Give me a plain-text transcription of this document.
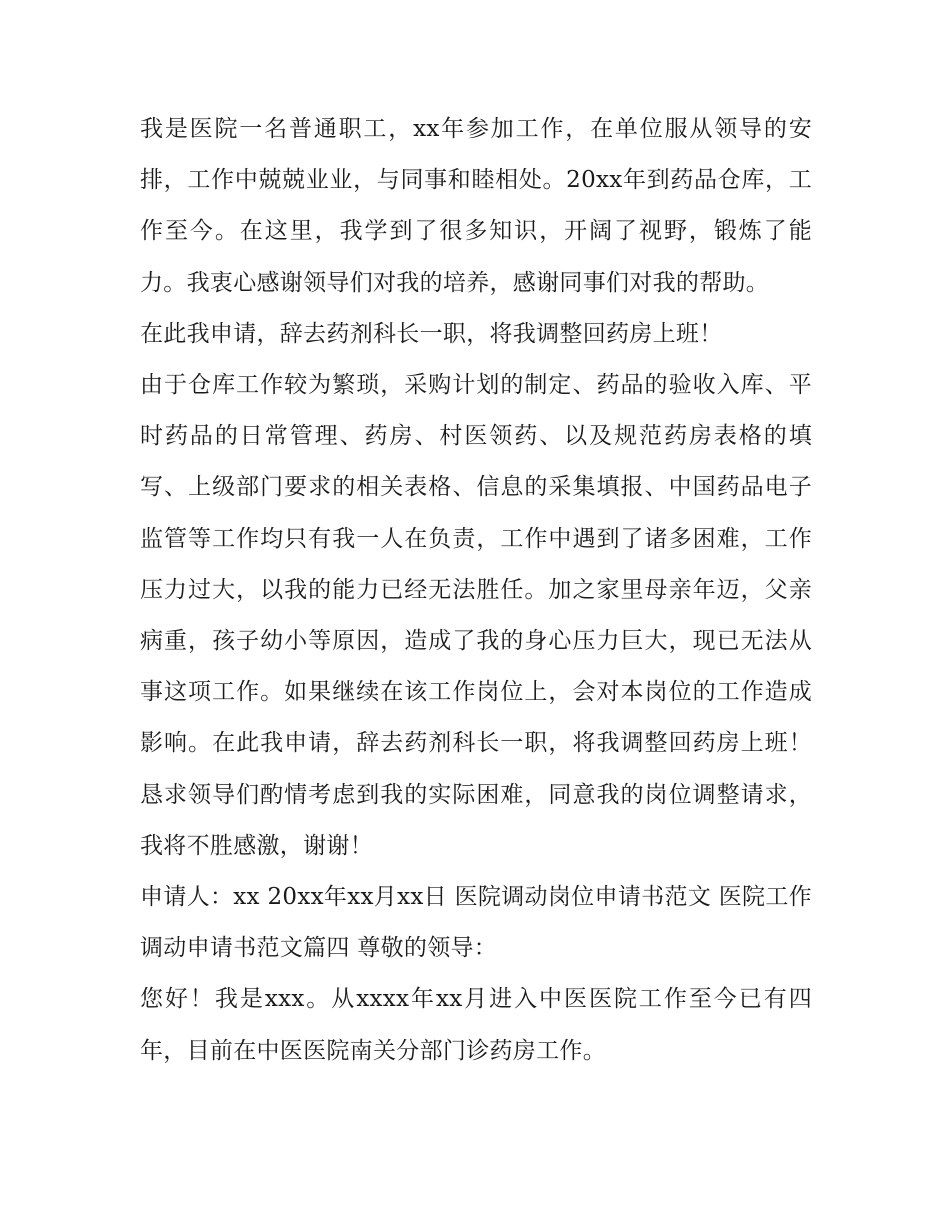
我是医院一名普通职工，xx年参加工作，在单位服从领导的安排，工作中兢兢业业，与同事和睦相处。20xx年到药品仓库，工作至今。在这里，我学到了很多知识，开阔了视野，锻炼了能力。我衷心感谢领导们对我的培养，感谢同事们对我的帮助。

在此我申请，辞去药剂科长一职，将我调整回药房上班！

由于仓库工作较为繁琐，采购计划的制定、药品的验收入库、平时药品的日常管理、药房、村医领药、以及规范药房表格的填写、上级部门要求的相关表格、信息的采集填报、中国药品电子监管等工作均只有我一人在负责，工作中遇到了诸多困难，工作压力过大，以我的能力已经无法胜任。加之家里母亲年迈，父亲病重，孩子幼小等原因，造成了我的身心压力巨大，现已无法从事这项工作。如果继续在该工作岗位上，会对本岗位的工作造成影响。在此我申请，辞去药剂科长一职，将我调整回药房上班！恳求领导们酌情考虑到我的实际困难，同意我的岗位调整请求，我将不胜感激，谢谢！

申请人：xx 20xx年xx月xx日 医院调动岗位申请书范文 医院工作调动申请书范文篇四 尊敬的领导：

您好！我是xxx。从xxxx年xx月进入中医医院工作至今已有四年，目前在中医医院南关分部门诊药房工作。
